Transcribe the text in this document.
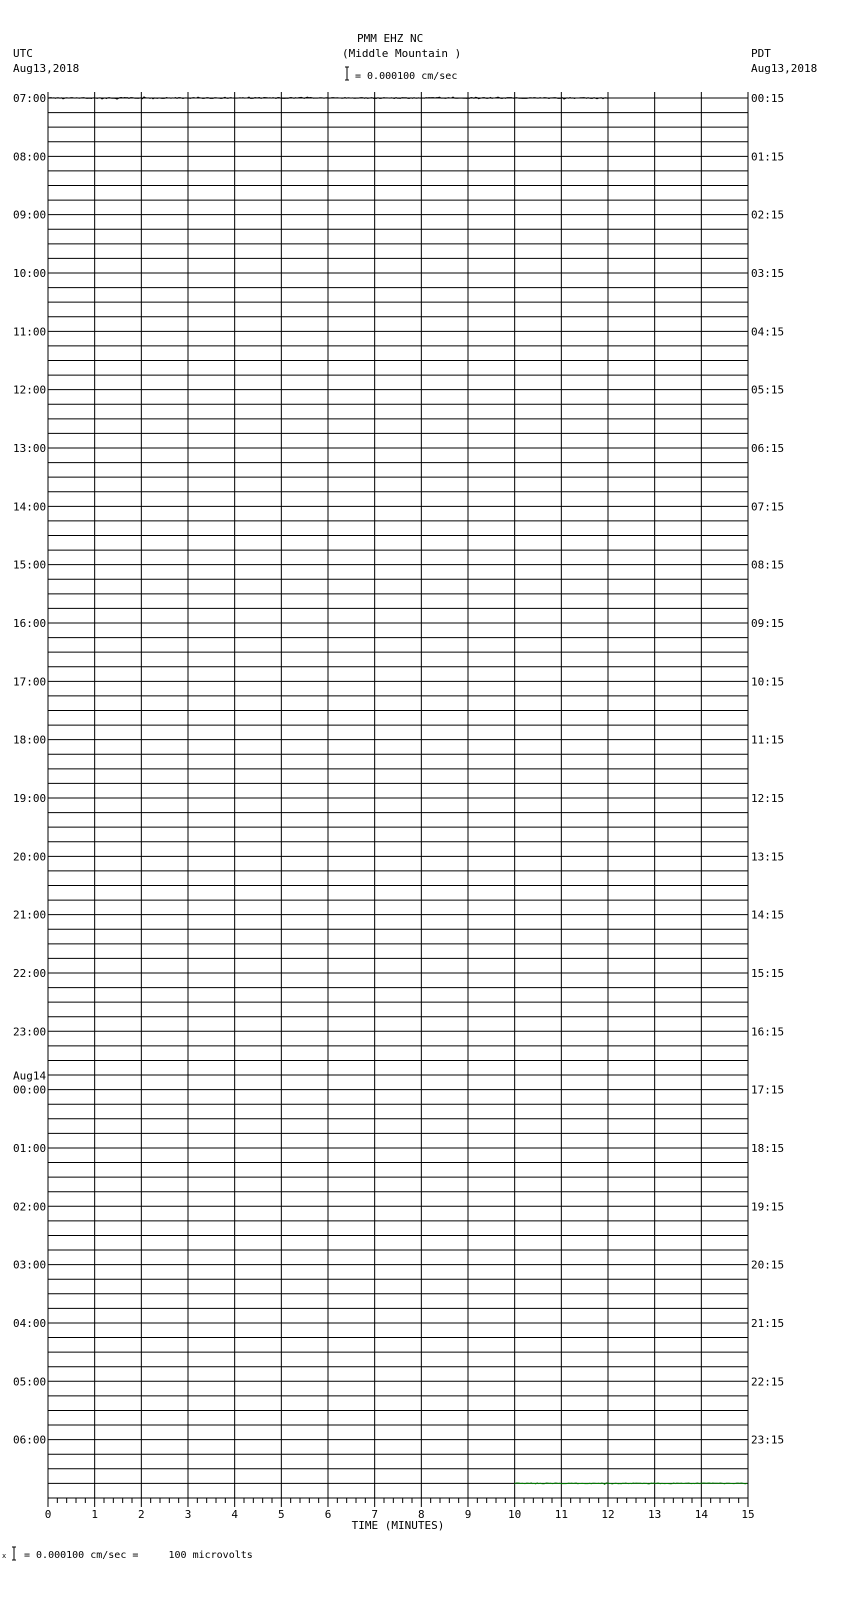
PMM EHZ NC
(Middle Mountain )
= 0.000100 cm/sec
UTC
Aug13,2018
PDT
Aug13,2018
x
0	1	2	3	4	5	6	7	8	9	10	11	12	13	14	15
TIME (MINUTES)
07:00
08:00
09:00
10:00
11:00
12:00
13:00
14:00
15:00
16:00
17:00
18:00
19:00
20:00
21:00
22:00
23:00
00:00
Aug14
01:00
02:00
03:00
04:00
05:00
06:00
00:15
01:15
02:15
03:15
04:15
05:15
06:15
07:15
08:15
09:15
10:15
11:15
12:15
13:15
14:15
15:15
16:15
17:15
18:15
19:15
20:15
21:15
22:15
23:15
= 0.000100 cm/sec =     100 microvolts
